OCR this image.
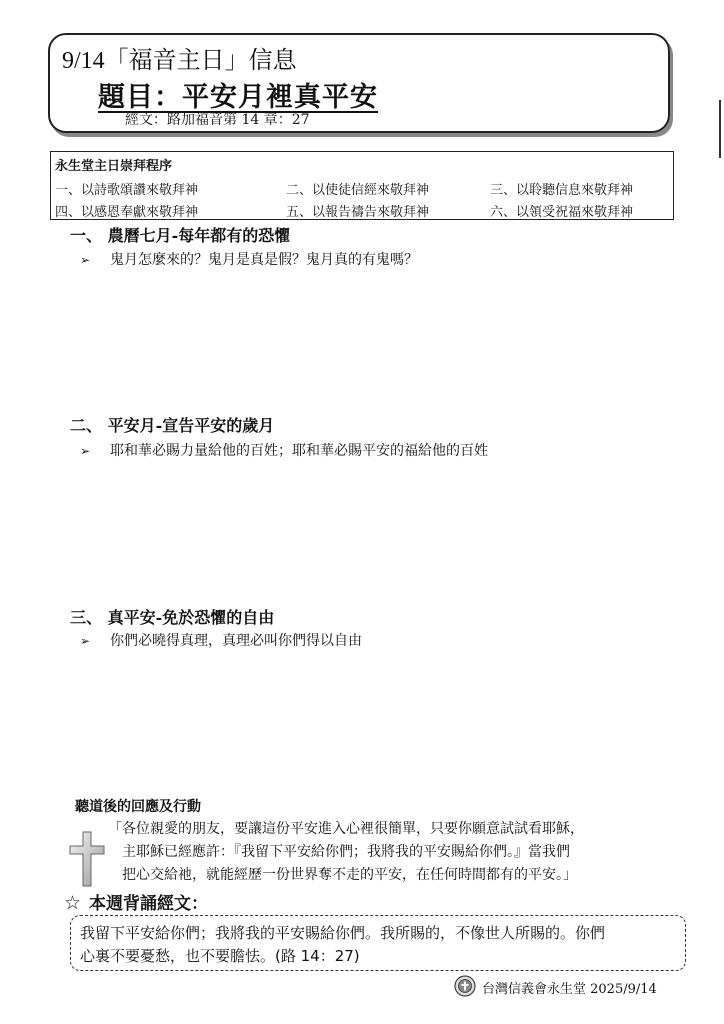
9/14「福音主日」信息
題目：平安月裡真平安
經文：路加福音第 14 章：27
永生堂主日崇拜程序
一、以詩歌頌讚來敬拜神	二、以使徒信經來敬拜神	三、以聆聽信息來敬拜神
四、以感恩奉獻來敬拜神	五、以報告禱告來敬拜神	六、以領受祝福來敬拜神
一、 農曆七月-每年都有的恐懼
➢ 鬼月怎麼來的？鬼月是真是假？鬼月真的有鬼嗎？
二、 平安月-宣告平安的歲月
➢ 耶和華必賜力量給他的百姓；耶和華必賜平安的福給他的百姓
三、 真平安-免於恐懼的自由
➢ 你們必曉得真理，真理必叫你們得以自由
聽道後的回應及行動
「各位親愛的朋友，要讓這份平安進入心裡很簡單，只要你願意試試看耶穌，
主耶穌已經應許：『我留下平安給你們；我將我的平安賜給你們。』當我們
把心交給祂，就能經歷一份世界奪不走的平安，在任何時間都有的平安。」
☆ 本週背誦經文：
我留下平安給你們；我將我的平安賜給你們。我所賜的，不像世人所賜的。你們
心裏不要憂愁，也不要膽怯。(路 14：27)
台灣信義會永生堂 2025/9/14
